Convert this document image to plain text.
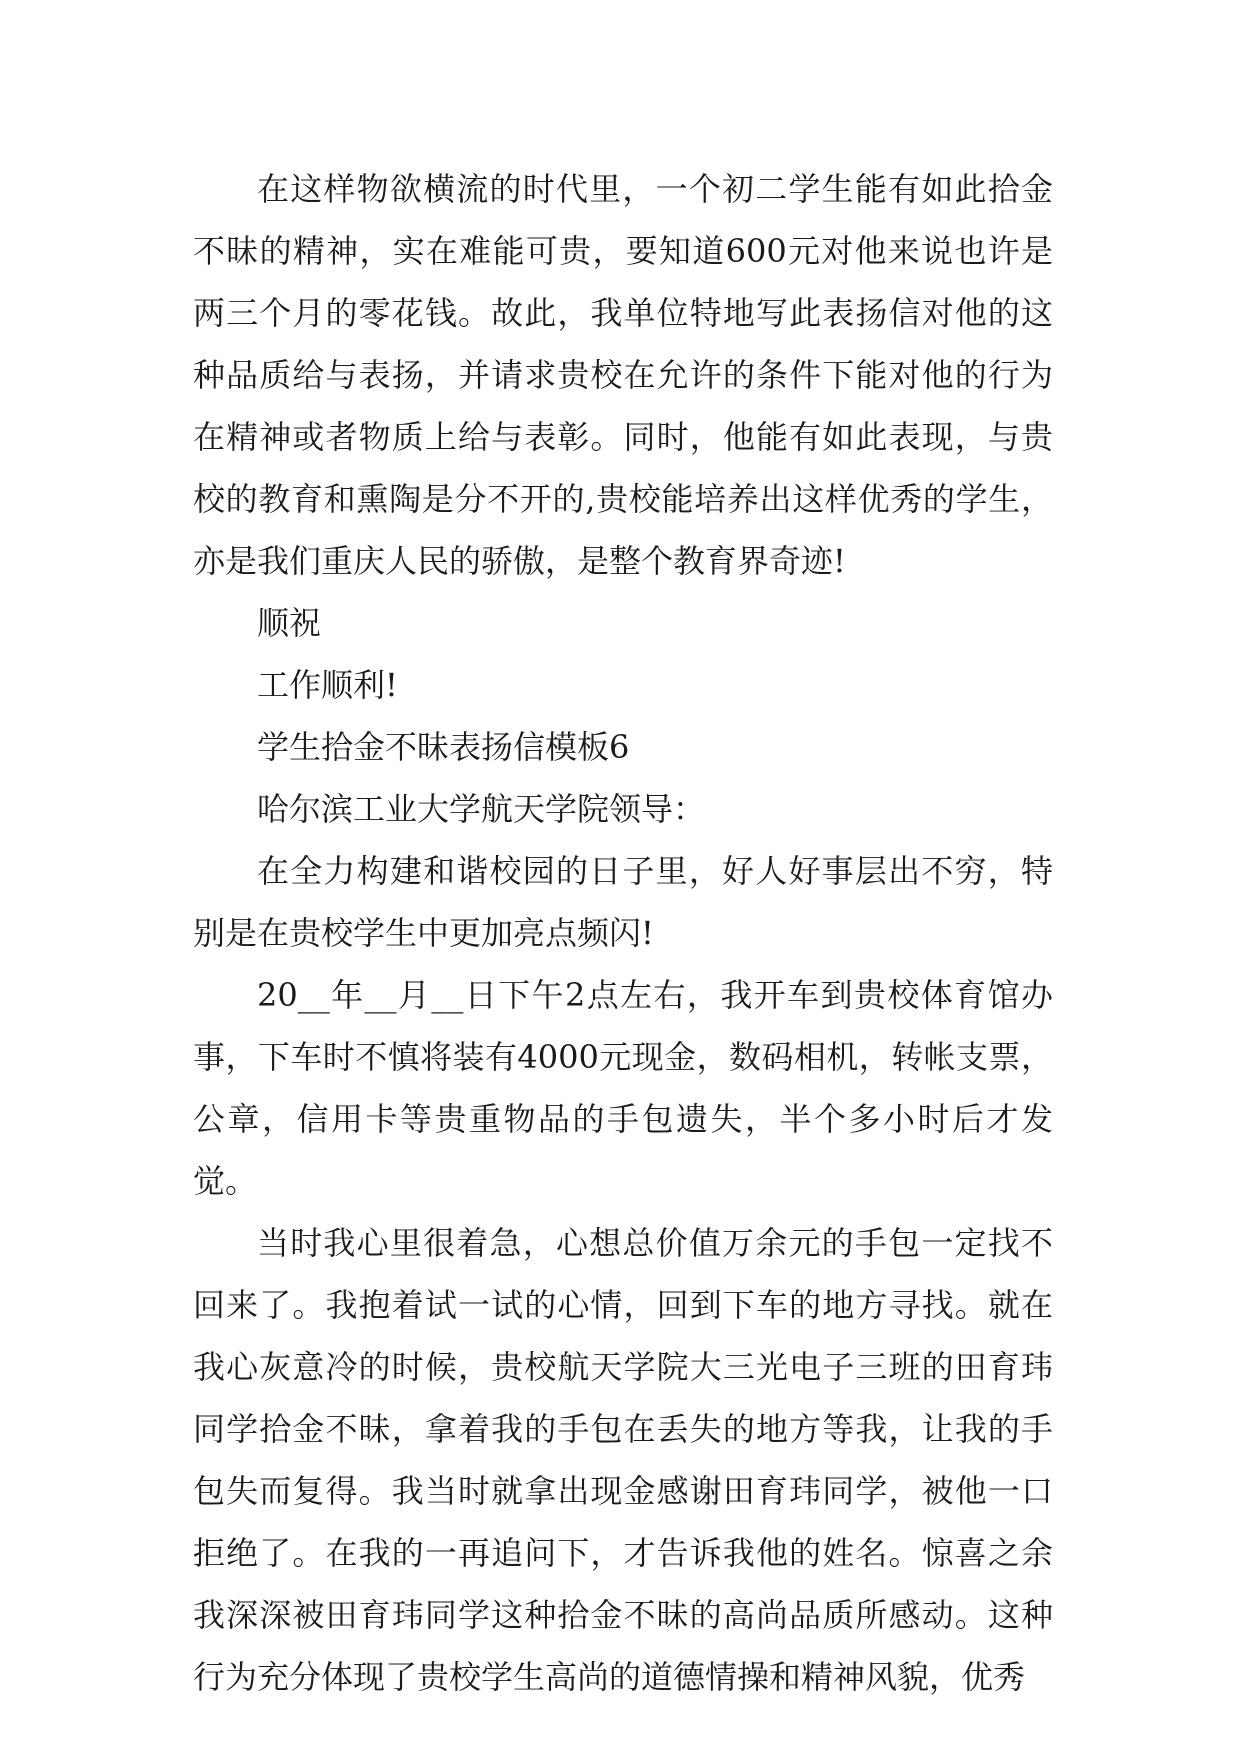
在这样物欲横流的时代里，一个初二学生能有如此拾金不昧的精神，实在难能可贵，要知道600元对他来说也许是两三个月的零花钱。故此，我单位特地写此表扬信对他的这种品质给与表扬，并请求贵校在允许的条件下能对他的行为在精神或者物质上给与表彰。同时，他能有如此表现，与贵校的教育和熏陶是分不开的,贵校能培养出这样优秀的学生，亦是我们重庆人民的骄傲，是整个教育界奇迹!

顺祝

工作顺利!

学生拾金不昧表扬信模板6

哈尔滨工业大学航天学院领导：

在全力构建和谐校园的日子里，好人好事层出不穷，特别是在贵校学生中更加亮点频闪!

20__年__月__日下午2点左右，我开车到贵校体育馆办事，下车时不慎将装有4000元现金，数码相机，转帐支票，公章，信用卡等贵重物品的手包遗失，半个多小时后才发觉。

当时我心里很着急，心想总价值万余元的手包一定找不回来了。我抱着试一试的心情，回到下车的地方寻找。就在我心灰意冷的时候，贵校航天学院大三光电子三班的田育玮同学拾金不昧，拿着我的手包在丢失的地方等我，让我的手包失而复得。我当时就拿出现金感谢田育玮同学，被他一口拒绝了。在我的一再追问下，才告诉我他的姓名。惊喜之余我深深被田育玮同学这种拾金不昧的高尚品质所感动。这种行为充分体现了贵校学生高尚的道德情操和精神风貌，优秀
